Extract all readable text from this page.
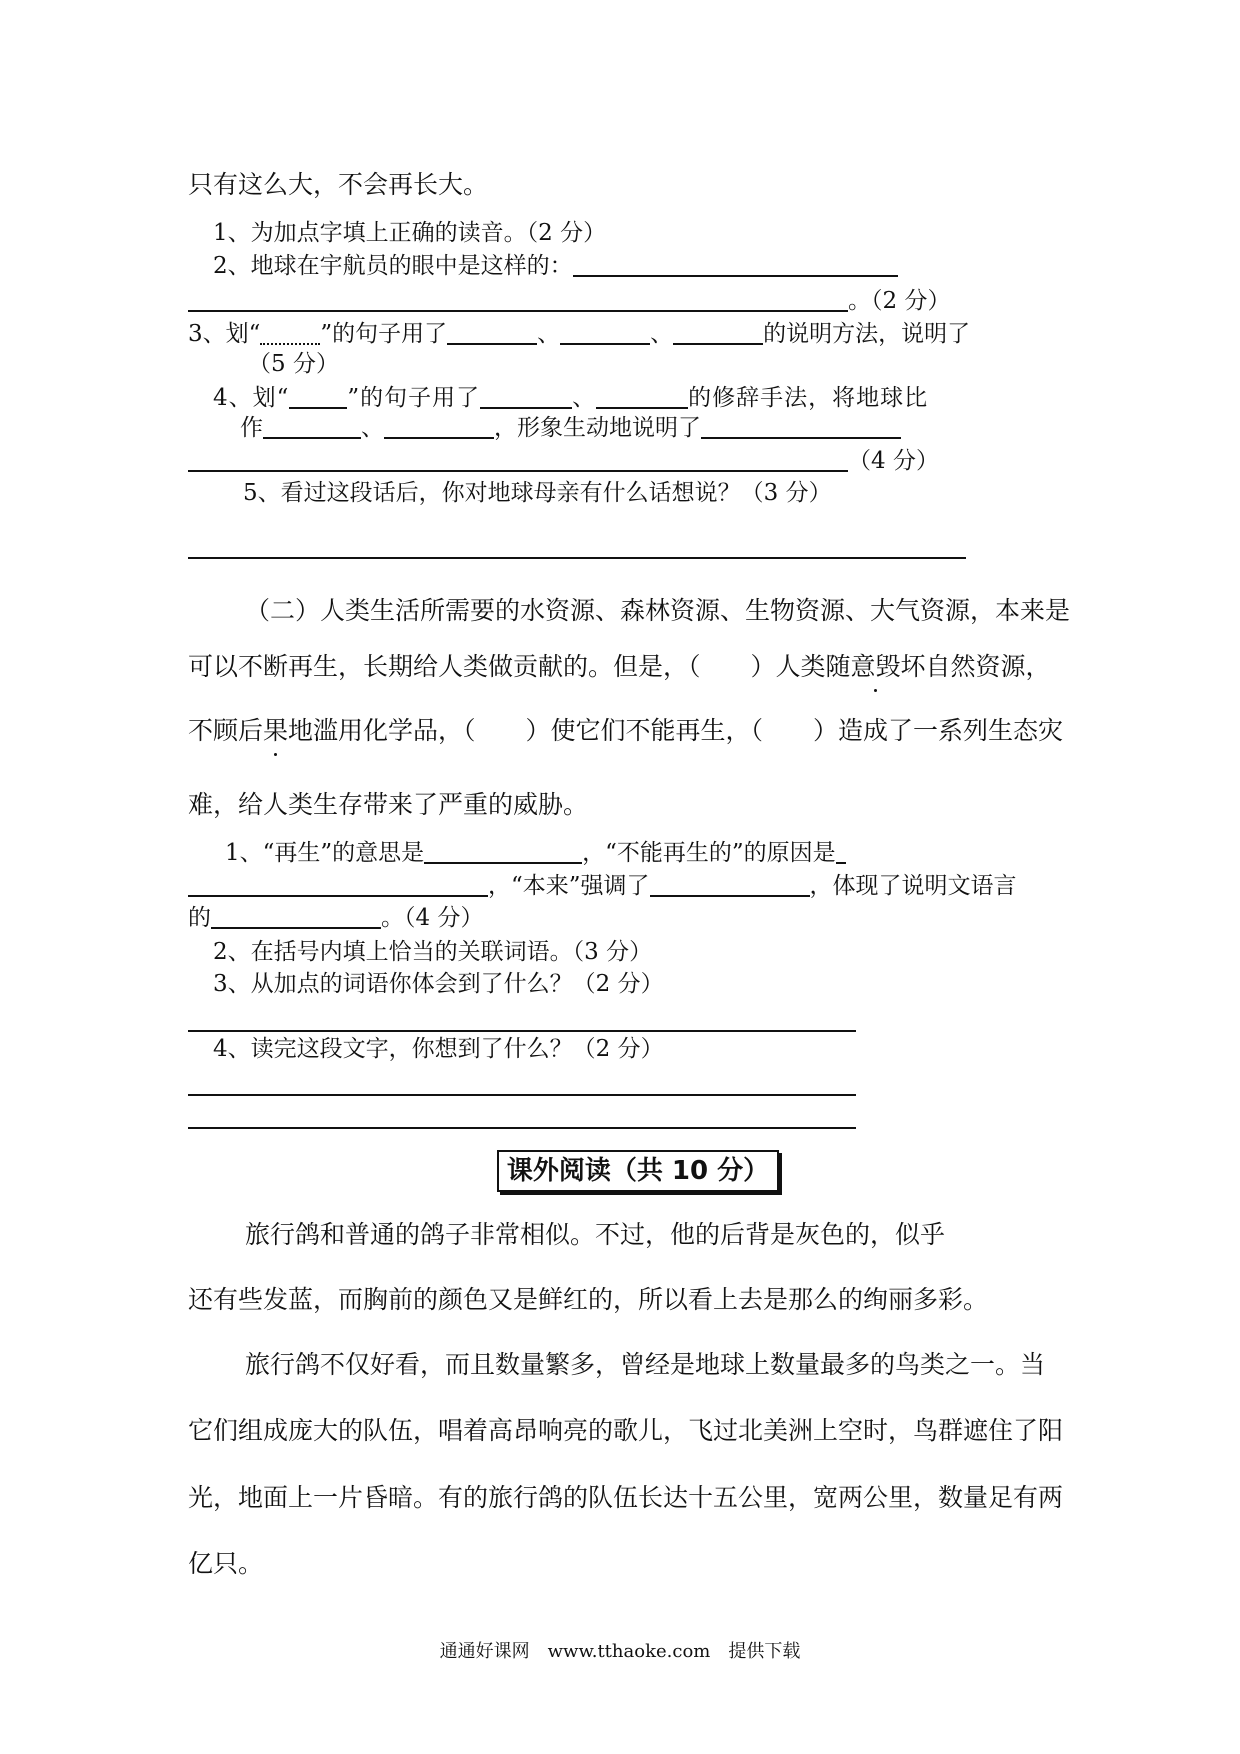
只有这么大，不会再长大。
1、为加点字填上正确的读音。（2 分）
2、地球在宇航员的眼中是这样的：
。（2 分）
3、划“	”的句子用了	、	、	的说明方法，说明了
（5 分）
4、划“	”的句子用了	、	的修辞手法，将地球比
作	、	，形象生动地说明了
（4 分）
5、看过这段话后，你对地球母亲有什么话想说？（3 分）
（二）人类生活所需要的水资源、森林资源、生物资源、大气资源，本来是
可以不断再生，长期给人类做贡献的。但是，（　　）人类随意毁坏自然资源，
不顾后果地滥用化学品，（　　）使它们不能再生，（　　）造成了一系列生态灾
难，给人类生存带来了严重的威胁。
1、“再生”的意思是	，“不能再生的”的原因是
，“本来”强调了	，体现了说明文语言
的	。（4 分）
2、在括号内填上恰当的关联词语。（3 分）
3、从加点的词语你体会到了什么？（2 分）
4、读完这段文字，你想到了什么？（2 分）
课外阅读（共 10 分）
旅行鸽和普通的鸽子非常相似。不过，他的后背是灰色的，似乎
还有些发蓝，而胸前的颜色又是鲜红的，所以看上去是那么的绚丽多彩。
旅行鸽不仅好看，而且数量繁多，曾经是地球上数量最多的鸟类之一。当
它们组成庞大的队伍，唱着高昂响亮的歌儿，飞过北美洲上空时，鸟群遮住了阳
光，地面上一片昏暗。有的旅行鸽的队伍长达十五公里，宽两公里，数量足有两
亿只。
通通好课网　www.tthaoke.com　提供下载
